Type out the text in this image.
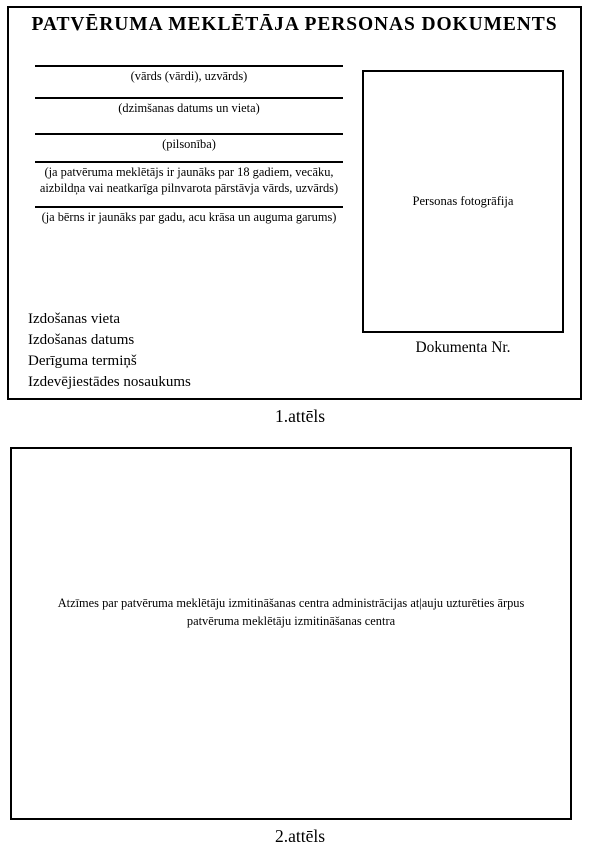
PATVĒRUMA MEKLĒTĀJA PERSONAS DOKUMENTS
(vārds (vārdi), uzvārds)
(dzimšanas datums un vieta)
(pilsonība)
(ja patvēruma meklētājs ir jaunāks par 18 gadiem, vecāku, aizbildņa vai neatkarīga pilnvarota pārstāvja vārds, uzvārds)
(ja bērns ir jaunāks par gadu, acu krāsa un auguma garums)
Izdošanas vieta
Izdošanas datums
Derīguma termiņš
Izdevējiestādes nosaukums
Personas fotogrāfija
Dokumenta Nr.
1.attēls
Atzīmes par patvēruma meklētāju izmitināšanas centra administrācijas at|auju uzturēties ārpus patvēruma meklētāju izmitināšanas centra
2.attēls
